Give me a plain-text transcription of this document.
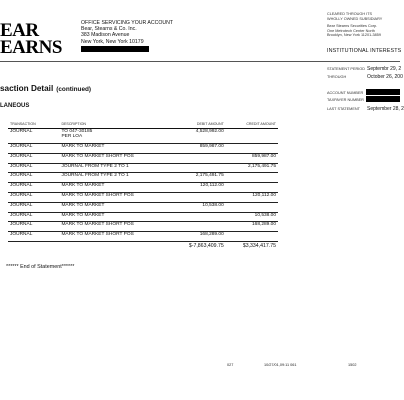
EAR
EARNS
OFFICE SERVICING YOUR ACCOUNT
Bear, Stearns & Co. Inc.
383 Madison Avenue
New York, New York 10179
CLEARED THROUGH ITS
WHOLLY OWNED SUBSIDIARY
Bear Stearns Securities Corp.
One Metrotech Center North
Brooklyn, New York 11201-3859
INSTITUTIONAL INTERESTS
STATEMENT PERIOD Septembr 29, 2
THROUGH	October 26, 200
ACCOUNT NUMBER
TAXPAYER NUMBER
LAST STATEMENT September 28, 2
saction Detail (continued)
LANEOUS
TRANSACTION	DESCRIPTION	DEBIT AMOUNT	CREDIT AMOUNT
JOURNAL	TO 047-30185
PER LOA	4,528,992.00	
JOURNAL	MARK TO MARKET	859,987.00	
JOURNAL	MARK TO MARKET SHORT POS		859,987.00
JOURNAL	JOURNAL FROM TYPE 2 TO 1		2,175,491.75
JOURNAL	JOURNAL FROM TYPE 2 TO 1	2,175,491.75	
JOURNAL	MARK TO MARKET	120,112.00	
JOURNAL	MARK TO MARKET SHORT POS		120,112.00
JOURNAL	MARK TO MARKET	10,538.00	
JOURNAL	MARK TO MARKET		10,538.00
JOURNAL	MARK TO MARKET SHORT POS		168,289.00
JOURNAL	MARK TO MARKET SHORT POS	168,289.00	
		$-7,863,409.75	$3,334,417.75
****** End of Statement******
027	10/27/01,09:11 061	1502
